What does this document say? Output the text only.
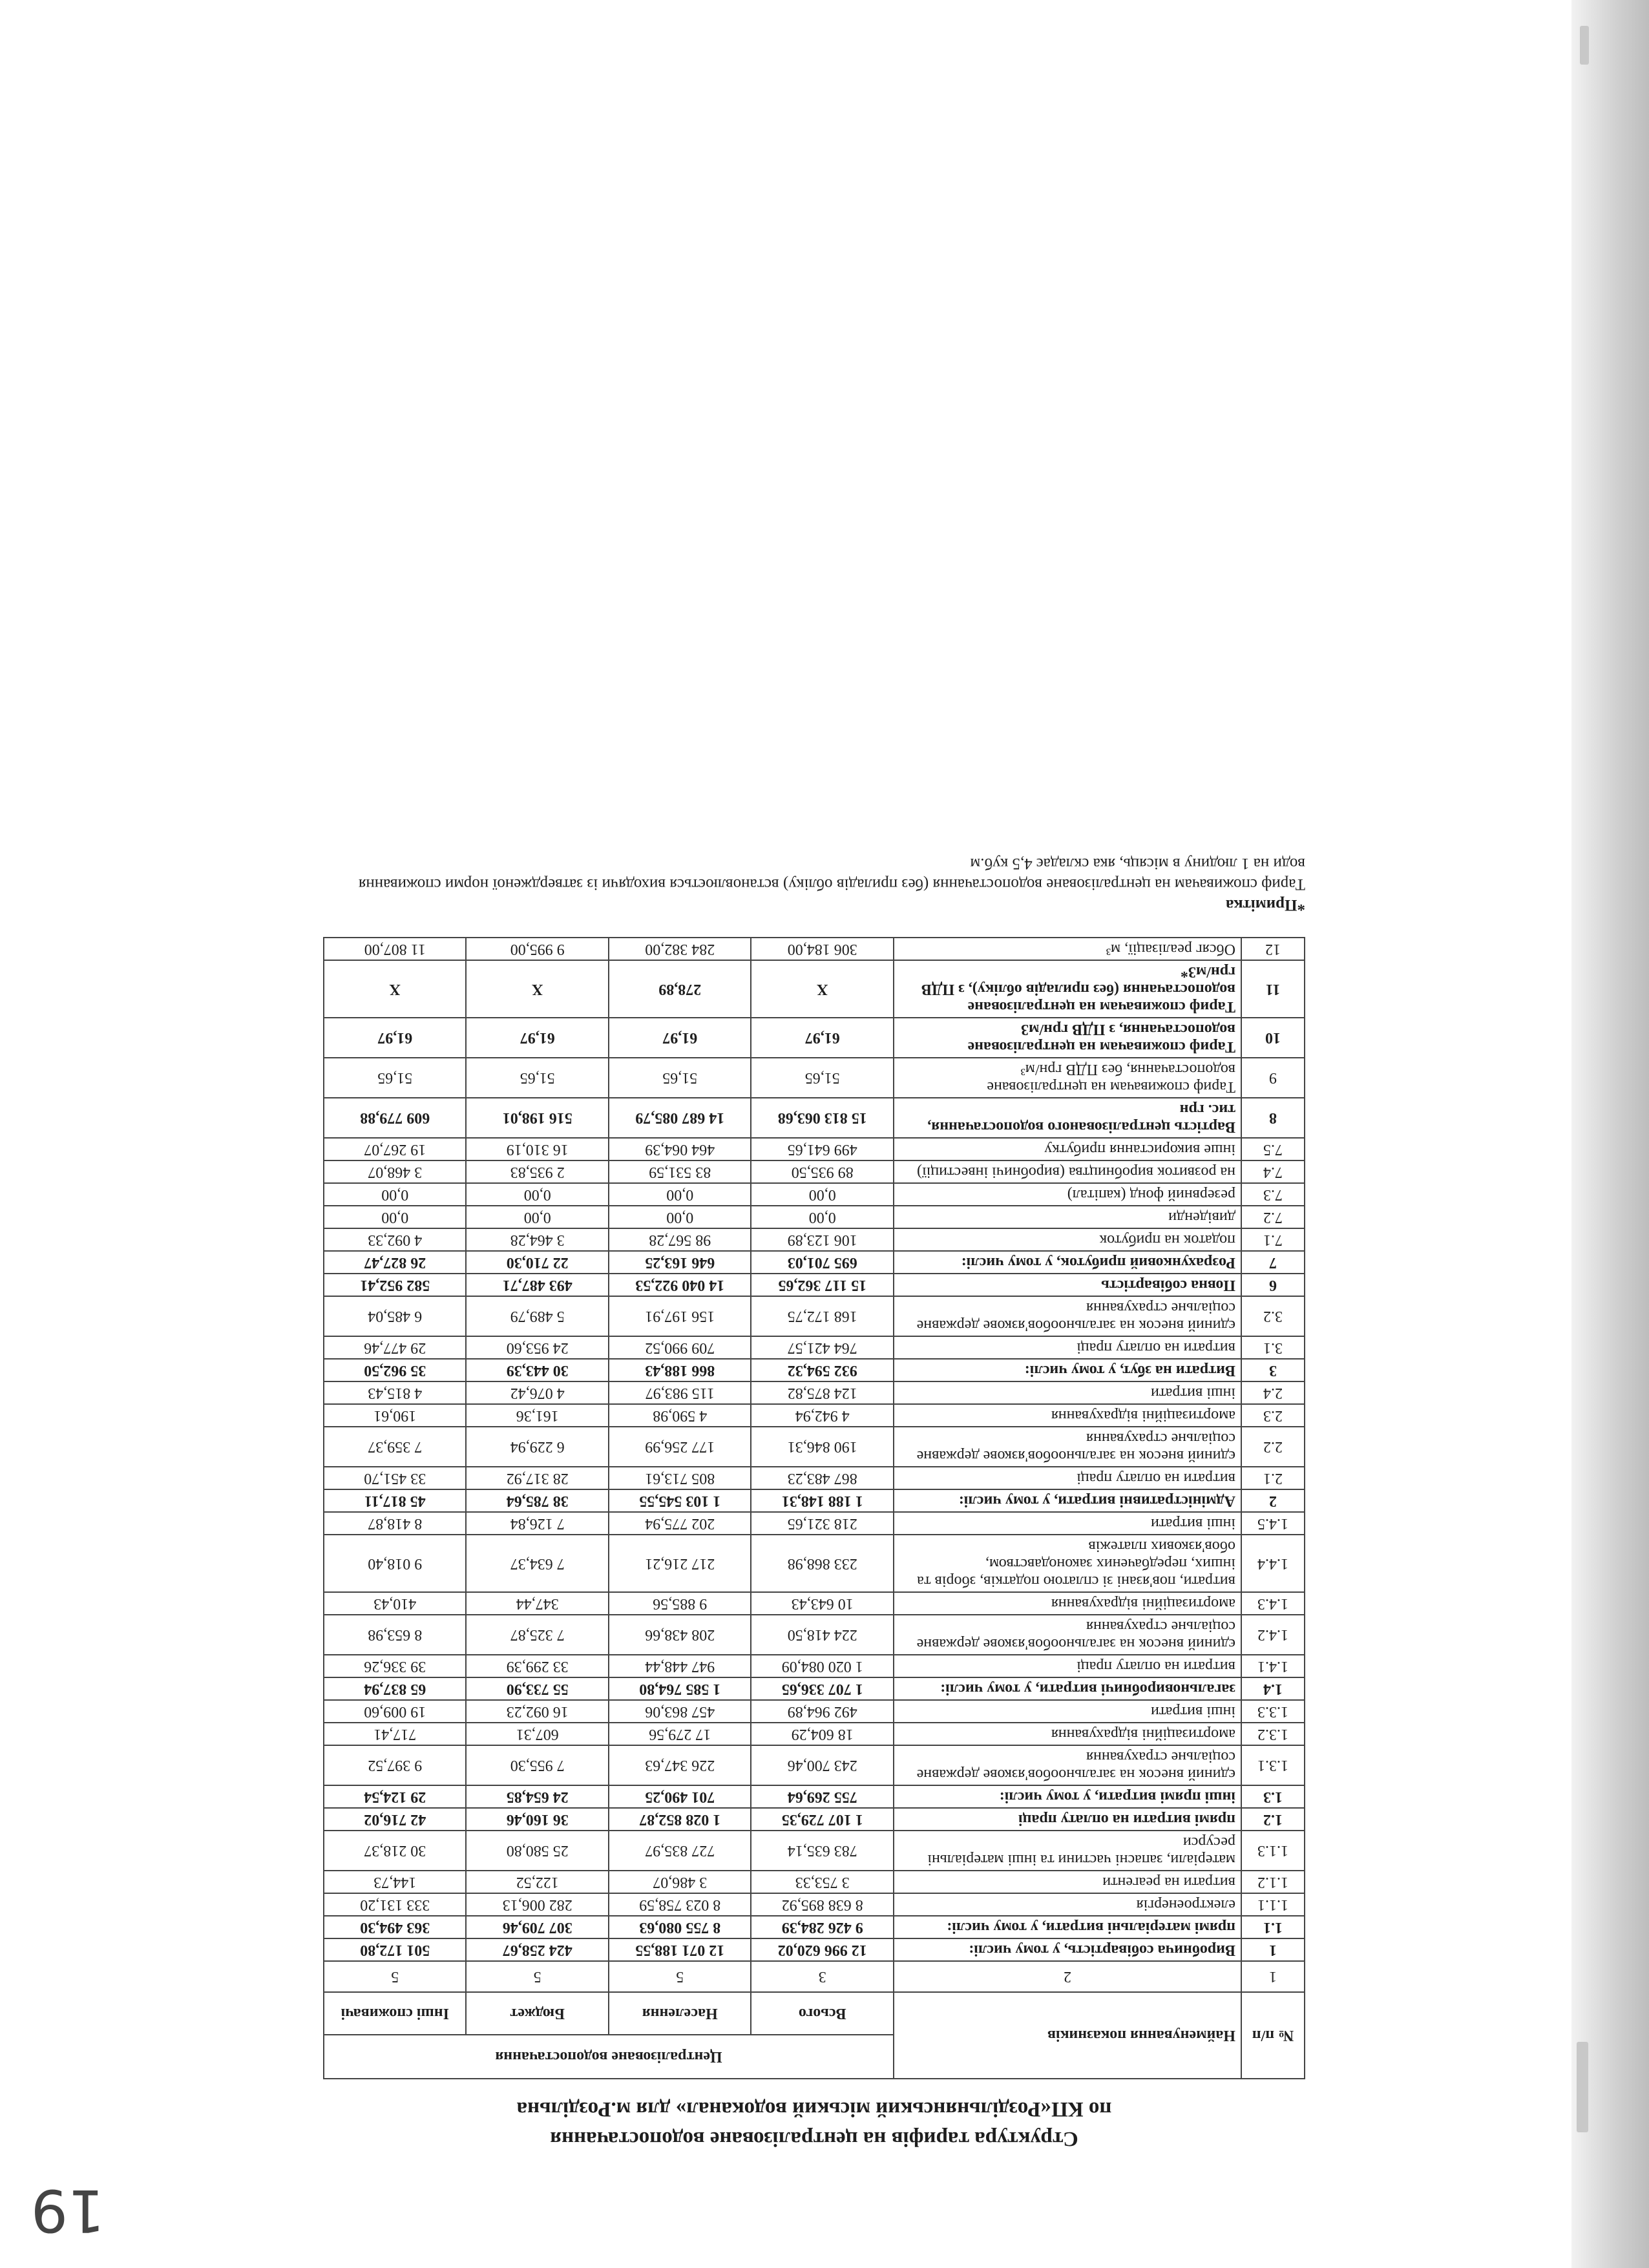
19
Структура тарифів на централізоване водопостачання
по КП«Роздільнянський міський водоканал» для м.Роздільна
№ п/п	Найменування показників	Централізоване водопостачання			
		Всього	Населення	Бюджет	Інші споживачі
1	2	3	5	5	5
1	Виробнича собівартість, у тому числі:	12 996 620,02	12 071 188,55	424 258,67	501 172,80
1.1	прямі матеріальні витрати, у тому числі:	9 426 284,39	8 755 080,63	307 709,46	363 494,30
1.1.1	електроенергія	8 638 895,92	8 023 758,59	282 006,13	333 131,20
1.1.2	витрати на реагенти	3 753,33	3 486,07	122,52	144,73
1.1.3	матеріали, запасні частини та інші матеріальні ресурси	783 635,14	727 835,97	25 580,80	30 218,37
1.2	прямі витрати на оплату праці	1 107 729,35	1 028 852,87	36 160,46	42 716,02
1.3	інші прямі витрати, у тому числі:	755 269,64	701 490,25	24 654,85	29 124,54
1.3.1	єдиний внесок на загальнообов'язкове державне соціальне страхування	243 700,46	226 347,63	7 955,30	9 397,52
1.3.2	амортизаційні відрахування	18 604,29	17 279,56	607,31	717,41
1.3.3	інші витрати	492 964,89	457 863,06	16 092,23	19 009,60
1.4	загальновиробничі витрати, у тому числі:	1 707 336,65	1 585 764,80	55 733,90	65 837,94
1.4.1	витрати на оплату праці	1 020 084,09	947 448,44	33 299,39	39 336,26
1.4.2	єдиний внесок на загальнообов'язкове державне соціальне страхування	224 418,50	208 438,66	7 325,87	8 653,98
1.4.3	амортизаційні відрахування	10 643,43	9 885,56	347,44	410,43
1.4.4	витрати, пов'язані зі сплатою податків, зборів та інших, передбачених законодавством, обов'язкових платежів	233 868,98	217 216,21	7 634,37	9 018,40
1.4.5	інші витрати	218 321,65	202 775,94	7 126,84	8 418,87
2	Адміністративні витрати, у тому числі:	1 188 148,31	1 103 545,55	38 785,64	45 817,11
2.1	витрати на оплату праці	867 483,23	805 713,61	28 317,92	33 451,70
2.2	єдиний внесок на загальнообов'язкове державне соціальне страхування	190 846,31	177 256,99	6 229,94	7 359,37
2.3	амортизаційні відрахування	4 942,94	4 590,98	161,36	190,61
2.4	інші витрати	124 875,82	115 983,97	4 076,42	4 815,43
3	Витрати на збут, у тому числі:	932 594,32	866 188,43	30 443,39	35 962,50
3.1	витрати на оплату праці	764 421,57	709 990,52	24 953,60	29 477,46
3.2	єдиний внесок на загальнообов'язкове державне соціальне страхування	168 172,75	156 197,91	5 489,79	6 485,04
6	Повна собівартість	15 117 362,65	14 040 922,53	493 487,71	582 952,41
7	Розрахунковий прибуток, у тому числі:	695 701,03	646 163,25	22 710,30	26 827,47
7.1	податок на прибуток	106 123,89	98 567,28	3 464,28	4 092,33
7.2	дивіденди	0,00	0,00	0,00	0,00
7.3	резервний фонд (капітал)	0,00	0,00	0,00	0,00
7.4	на розвиток виробництва (виробничі інвестиції)	89 935,50	83 531,59	2 935,83	3 468,07
7.5	інше використання прибутку	499 641,65	464 064,39	16 310,19	19 267,07
8	Вартість централізованого водопостачання, тис. грн	15 813 063,68	14 687 085,79	516 198,01	609 779,88
9	Тариф споживачам на централізоване водопостачання, без ПДВ грн/м³	51,65	51,65	51,65	51,65
10	Тариф споживачам на централізоване водопостачання, з ПДВ грн/м3	61,97	61,97	61,97	61,97
11	Тариф споживачам на централізоване водопостачання (без приладів обліку), з ПДВ грн/м3*	Х	278,89	Х	Х
12	Обсяг реалізації, м³	306 184,00	284 382,00	9 995,00	11 807,00
*Примітка
Тариф споживачам на централізоване водопостачання (без приладів обліку) встановлюється виходячи із затвердженої норми споживання води на 1 людину в місяць, яка складає 4,5 куб.м
